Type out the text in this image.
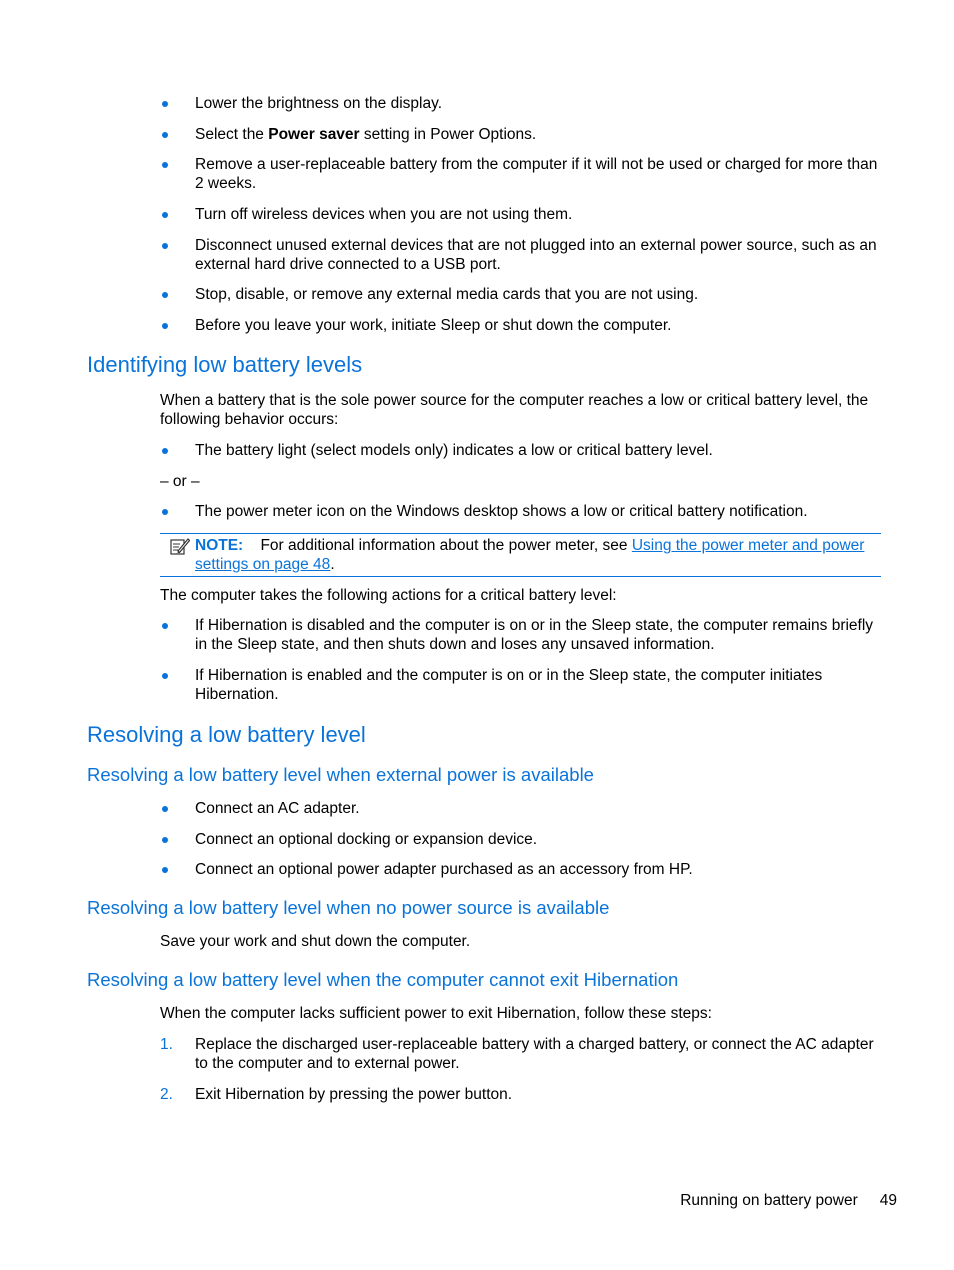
Lower the brightness on the display.
Select the Power saver setting in Power Options.
Remove a user-replaceable battery from the computer if it will not be used or charged for more than 2 weeks.
Turn off wireless devices when you are not using them.
Disconnect unused external devices that are not plugged into an external power source, such as an external hard drive connected to a USB port.
Stop, disable, or remove any external media cards that you are not using.
Before you leave your work, initiate Sleep or shut down the computer.
Identifying low battery levels
When a battery that is the sole power source for the computer reaches a low or critical battery level, the following behavior occurs:
The battery light (select models only) indicates a low or critical battery level.
– or –
The power meter icon on the Windows desktop shows a low or critical battery notification.
NOTE: For additional information about the power meter, see Using the power meter and power settings on page 48.
The computer takes the following actions for a critical battery level:
If Hibernation is disabled and the computer is on or in the Sleep state, the computer remains briefly in the Sleep state, and then shuts down and loses any unsaved information.
If Hibernation is enabled and the computer is on or in the Sleep state, the computer initiates Hibernation.
Resolving a low battery level
Resolving a low battery level when external power is available
Connect an AC adapter.
Connect an optional docking or expansion device.
Connect an optional power adapter purchased as an accessory from HP.
Resolving a low battery level when no power source is available
Save your work and shut down the computer.
Resolving a low battery level when the computer cannot exit Hibernation
When the computer lacks sufficient power to exit Hibernation, follow these steps:
1. Replace the discharged user-replaceable battery with a charged battery, or connect the AC adapter to the computer and to external power.
2. Exit Hibernation by pressing the power button.
Running on battery power 49
